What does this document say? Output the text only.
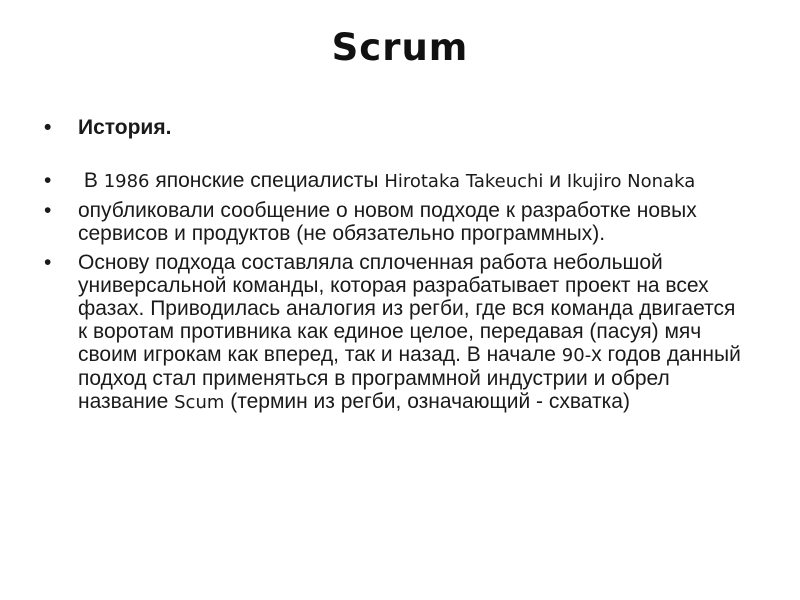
Scrum
• История.
• В 1986 японские специалисты Hirotaka Takeuchi и Ikujiro Nonaka
• опубликовали сообщение о новом подходе к разработке новых сервисов и продуктов (не обязательно программных).
• Основу подхода составляла сплоченная работа небольшой универсальной команды, которая разрабатывает проект на всех фазах. Приводилась аналогия из регби, где вся команда двигается к воротам противника как единое целое, передавая (пасуя) мяч своим игрокам как вперед, так и назад. В начале 90-х годов данный подход стал применяться в программной индустрии и обрел название Scum (термин из регби, означающий - схватка)
